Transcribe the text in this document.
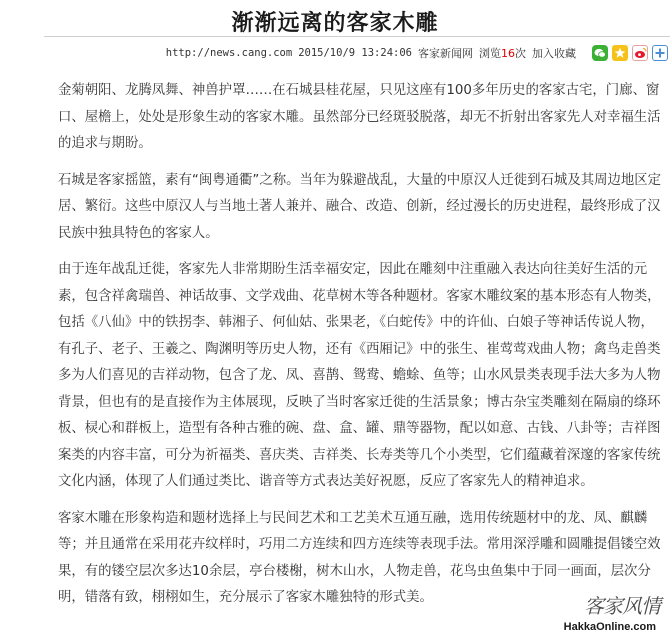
渐渐远离的客家木雕
http://news.cang.com 2015/10/9 13:24:06 客家新闻网 浏览 16 次 加入收藏

金菊朝阳、龙腾凤舞、神兽护罩……在石城县桂花屋，只见这座有100多年历史的客家古宅，门廊、窗口、屋檐上，处处是形象生动的客家木雕。虽然部分已经斑驳脱落，却无不折射出客家先人对幸福生活的追求与期盼。

石城是客家摇篮，素有“闽粤通衢”之称。当年为躲避战乱，大量的中原汉人迁徙到石城及其周边地区定居、繁衍。这些中原汉人与当地土著人兼并、融合、改造、创新，经过漫长的历史进程，最终形成了汉民族中独具特色的客家人。

由于连年战乱迁徙，客家先人非常期盼生活幸福安定，因此在雕刻中注重融入表达向往美好生活的元素，包含祥禽瑞兽、神话故事、文学戏曲、花草树木等各种题材。客家木雕纹案的基本形态有人物类，包括《八仙》中的铁拐李、韩湘子、何仙姑、张果老，《白蛇传》中的许仙、白娘子等神话传说人物，有孔子、老子、王羲之、陶渊明等历史人物，还有《西厢记》中的张生、崔莺莺戏曲人物；禽鸟走兽类多为人们喜见的吉祥动物，包含了龙、凤、喜鹊、鸳鸯、蟾蜍、鱼等；山水风景类表现手法大多为人物背景，但也有的是直接作为主体展现，反映了当时客家迁徙的生活景象；博古杂宝类雕刻在隔扇的绦环板、棂心和群板上，造型有各种古雅的碗、盘、盒、罐、鼎等器物，配以如意、古钱、八卦等；吉祥图案类的内容丰富，可分为祈福类、喜庆类、吉祥类、长寿类等几个小类型，它们蕴藏着深邃的客家传统文化内涵，体现了人们通过类比、谐音等方式表达美好祝愿，反应了客家先人的精神追求。

客家木雕在形象构造和题材选择上与民间艺术和工艺美术互通互融，选用传统题材中的龙、凤、麒麟等；并且通常在采用花卉纹样时，巧用二方连续和四方连续等表现手法。常用深浮雕和圆雕提倡镂空效果，有的镂空层次多达10余层，亭台楼榭，树木山水，人物走兽，花鸟虫鱼集中于同一画面，层次分明，错落有致，栩栩如生，充分展示了客家木雕独特的形式美。	客家风情
HakkaOnline.com
